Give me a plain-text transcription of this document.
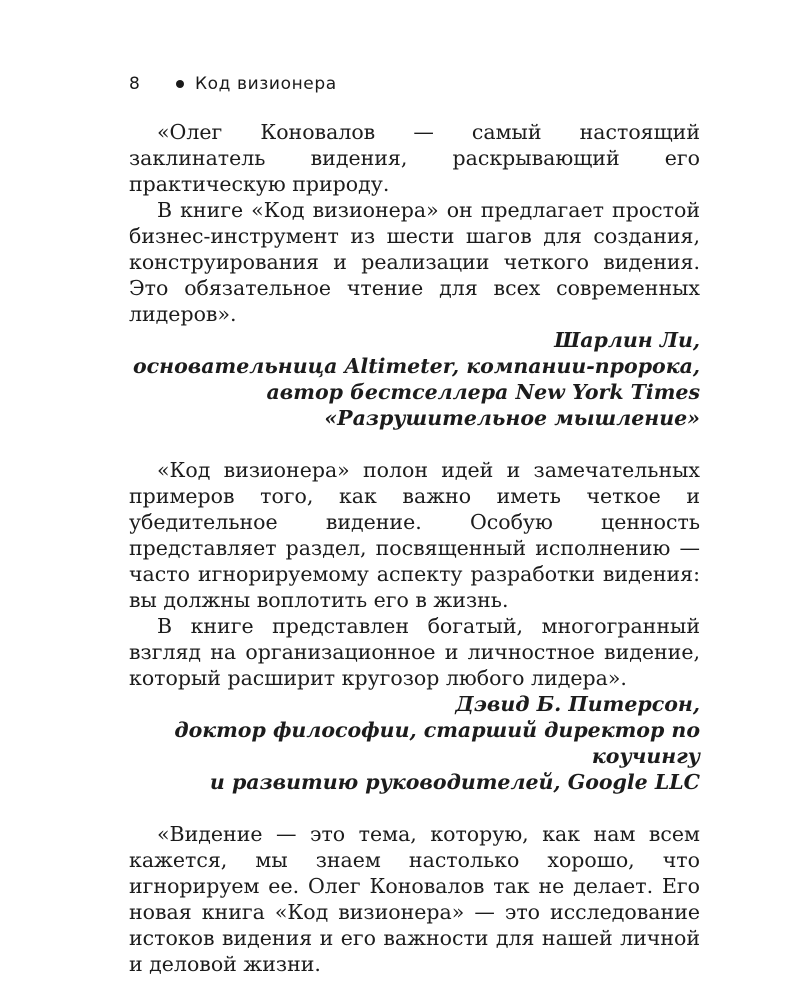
8	Код визионера

«Олег Коновалов — самый настоящий заклинатель видения, раскрывающий его практическую природу.

В книге «Код визионера» он предлагает простой бизнес-инструмент из шести шагов для создания, конструирования и реализации четкого видения. Это обязательное чтение для всех современных лидеров».

Шарлин Ли,

основательница Altimeter, компании-пророка,

автор бестселлера New York Times

«Разрушительное мышление»

«Код визионера» полон идей и замечательных примеров того, как важно иметь четкое и убедительное видение. Особую ценность представляет раздел, посвященный исполнению — часто игнорируемому аспекту разработки видения: вы должны воплотить его в жизнь.

В книге представлен богатый, многогранный взгляд на организационное и личностное видение, который расширит кругозор любого лидера».

Дэвид Б. Питерсон,

доктор философии, старший директор по коучингу

и развитию руководителей, Google LLC

«Видение — это тема, которую, как нам всем кажется, мы знаем настолько хорошо, что игнорируем ее. Олег Коновалов так не делает. Его новая книга «Код визионера» — это исследование истоков видения и его важности для нашей личной и деловой жизни.
